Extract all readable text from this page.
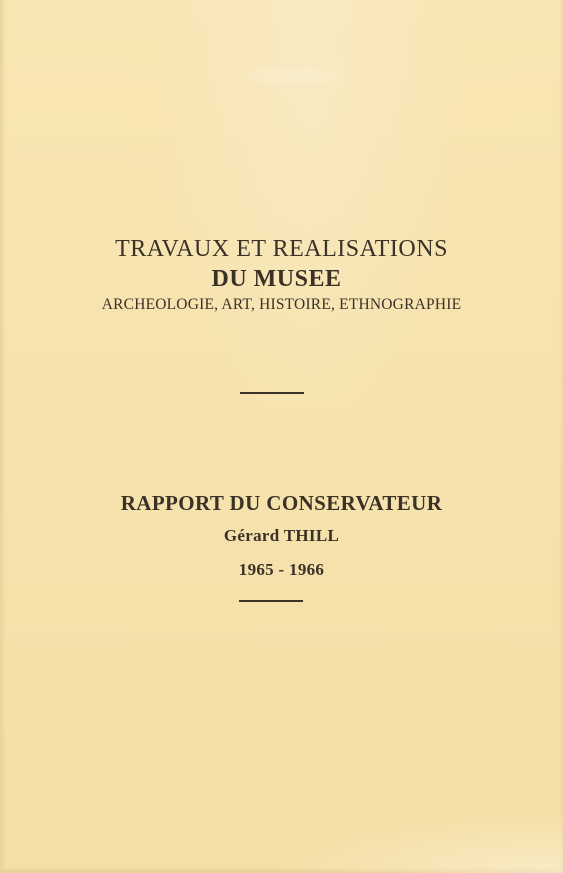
TRAVAUX ET REALISATIONS
DU MUSEE

ARCHEOLOGIE, ART, HISTOIRE, ETHNOGRAPHIE

RAPPORT DU CONSERVATEUR

Gérard THILL

1965 - 1966
